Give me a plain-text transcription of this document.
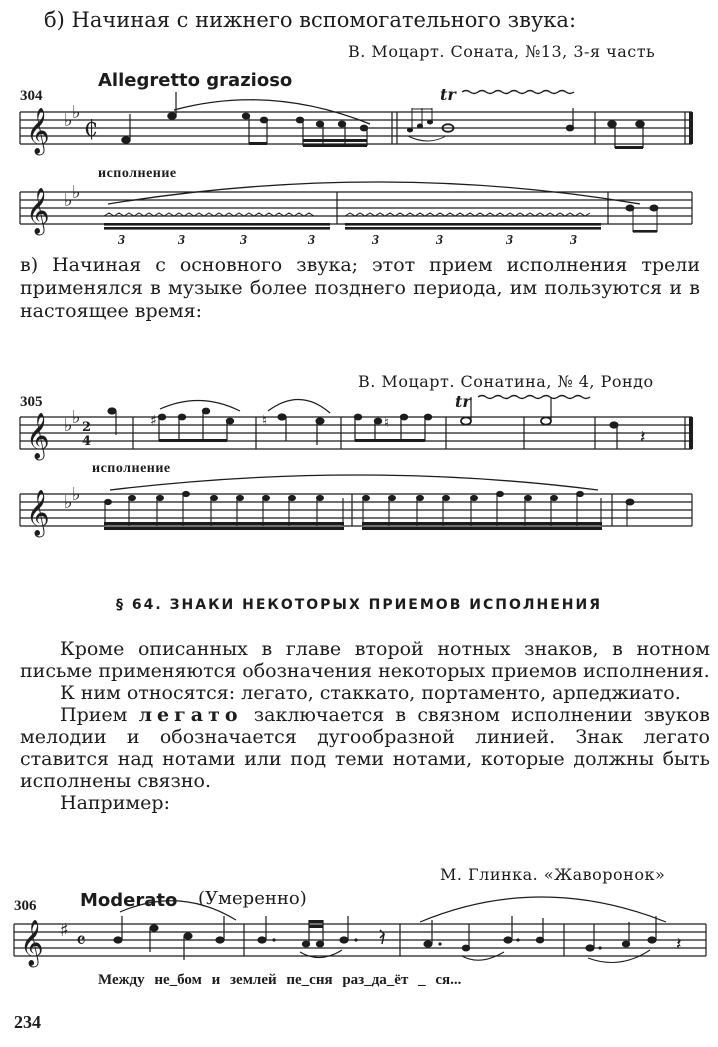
б) Начиная с нижнего вспомогательного звука:
В. Моцарт. Соната, №13, 3-я часть
304
Allegretto grazioso
tr
𝄞 ♭ ♭
₵
исполнение
𝄞 ♭ ♭
3	3	3	3	3	3	3	3

в) Начиная с основного звука; этот прием исполнения трели применялся в музыке более позднего периода, им пользуются и в настоящее время:

В. Моцарт. Сонатина, № 4, Рондо
305	tr
𝄞 ♭ ♭ 2
4	𝄽
♯	♮	♮
исполнение
𝄞 ♭ ♭
§ 64. ЗНАКИ НЕКОТОРЫХ ПРИЕМОВ ИСПОЛНЕНИЯ

Кроме описанных в главе второй нотных знаков, в нотном письме применяются обозначения некоторых приемов исполнения.

К ним относятся: легато, стаккато, портаменто, арпеджиато.

Прием легато заключается в связном исполнении звуков мелодии и обозначается дугообразной линией. Знак легато ставится над нотами или под теми нотами, которые должны быть исполнены связно.

Например:

М. Глинка. «Жаворонок»
306 Moderato (Умеренно)
𝄞 ♯ 𝄴	𝄽
Между не_бом и землей пе_сня раз_да_ёт _ ся...
234
